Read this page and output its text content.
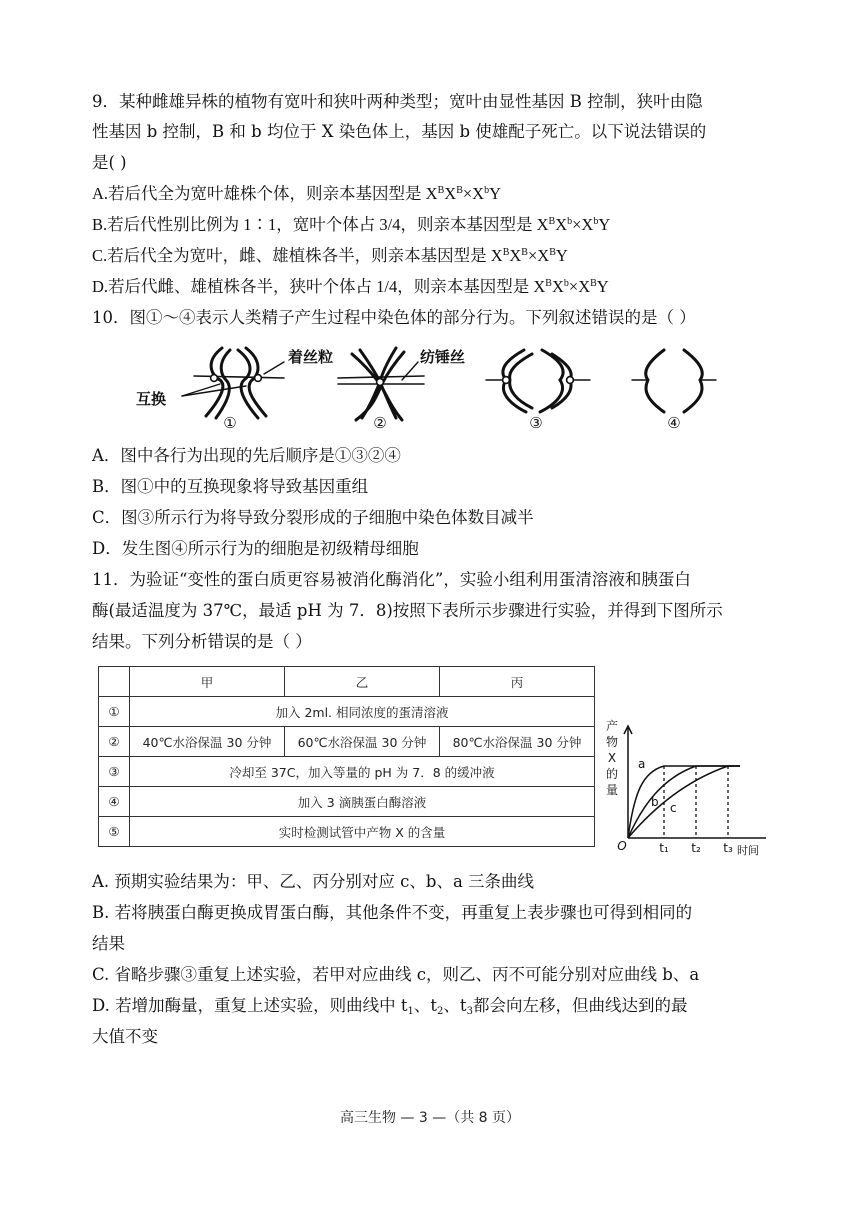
9．某种雌雄异株的植物有宽叶和狭叶两种类型；宽叶由显性基因 B 控制，狭叶由隐
性基因 b 控制，B 和 b 均位于 X 染色体上，基因 b 使雄配子死亡。以下说法错误的
是( )
A.若后代全为宽叶雄株个体，则亲本基因型是 $X^BX^B\times X^bY$
B.若后代性别比例为 1∶1，宽叶个体占 3/4，则亲本基因型是 $X^BX^b\times X^bY$
C.若后代全为宽叶，雌、雄植株各半，则亲本基因型是 $X^BX^B\times X^BY$
D.若后代雌、雄植株各半，狭叶个体占 1/4，则亲本基因型是 $X^BX^b\times X^BY$
10．图①～④表示人类精子产生过程中染色体的部分行为。下列叙述错误的是（ ）
着丝粒
互换
①
纺锤丝
②	③	④
A．图中各行为出现的先后顺序是①③②④
B．图①中的互换现象将导致基因重组
C．图③所示行为将导致分裂形成的子细胞中染色体数目减半
D．发生图④所示行为的细胞是初级精母细胞
11．为验证“变性的蛋白质更容易被消化酶消化”，实验小组利用蛋清溶液和胰蛋白
酶(最适温度为 37℃，最适 pH 为 7．8)按照下表所示步骤进行实验，并得到下图所示
结果。下列分析错误的是（ ）
	甲	乙	丙
①	加入 2ml. 相同浓度的蛋清溶液		
②	40℃水浴保温 30 分钟	60℃水浴保温 30 分钟	80℃水浴保温 30 分钟
③	冷却至 37C，加入等量的 pH 为 7．8 的缓冲液		
④	加入 3 滴胰蛋白酶溶液		
⑤	实时检测试管中产物 X 的含量		
产
物
X
的
量
O
a
b c
t₁ t₂ t₃ 时间
A. 预期实验结果为：甲、乙、丙分别对应 c、b、a 三条曲线
B. 若将胰蛋白酶更换成胃蛋白酶，其他条件不变，再重复上表步骤也可得到相同的
结果
C. 省略步骤③重复上述实验，若甲对应曲线 c，则乙、丙不可能分别对应曲线 b、a
D. 若增加酶量，重复上述实验，则曲线中 $t_1$、$t_2$、$t_3$都会向左移，但曲线达到的最
大值不变
高三生物 — 3 —（共 8 页）
